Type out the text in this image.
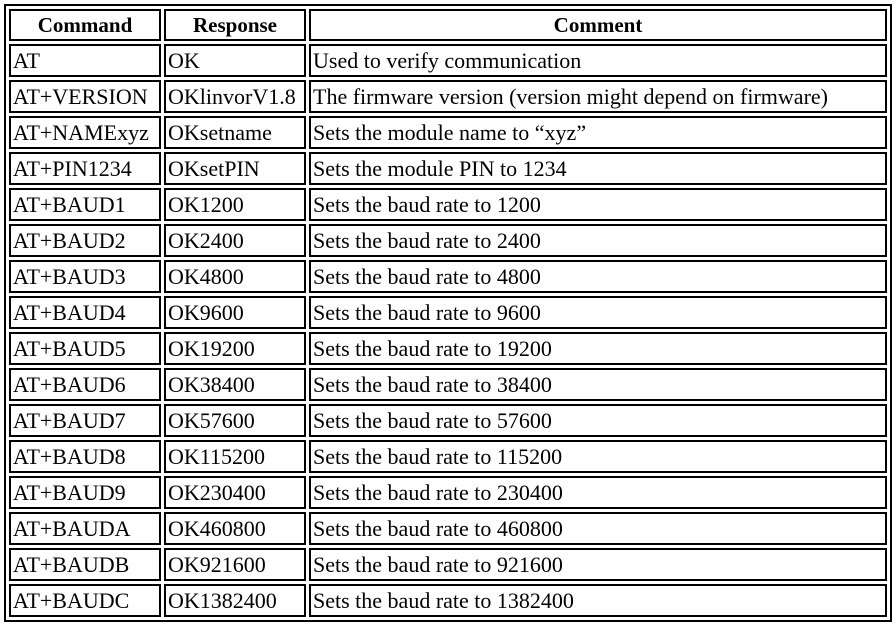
Command	Response	Comment
AT	OK	Used to verify communication
AT+VERSION	OKlinvorV1.8	The firmware version (version might depend on firmware)
AT+NAMExyz	OKsetname	Sets the module name to “xyz”
AT+PIN1234	OKsetPIN	Sets the module PIN to 1234
AT+BAUD1	OK1200	Sets the baud rate to 1200
AT+BAUD2	OK2400	Sets the baud rate to 2400
AT+BAUD3	OK4800	Sets the baud rate to 4800
AT+BAUD4	OK9600	Sets the baud rate to 9600
AT+BAUD5	OK19200	Sets the baud rate to 19200
AT+BAUD6	OK38400	Sets the baud rate to 38400
AT+BAUD7	OK57600	Sets the baud rate to 57600
AT+BAUD8	OK115200	Sets the baud rate to 115200
AT+BAUD9	OK230400	Sets the baud rate to 230400
AT+BAUDA	OK460800	Sets the baud rate to 460800
AT+BAUDB	OK921600	Sets the baud rate to 921600
AT+BAUDC	OK1382400	Sets the baud rate to 1382400
